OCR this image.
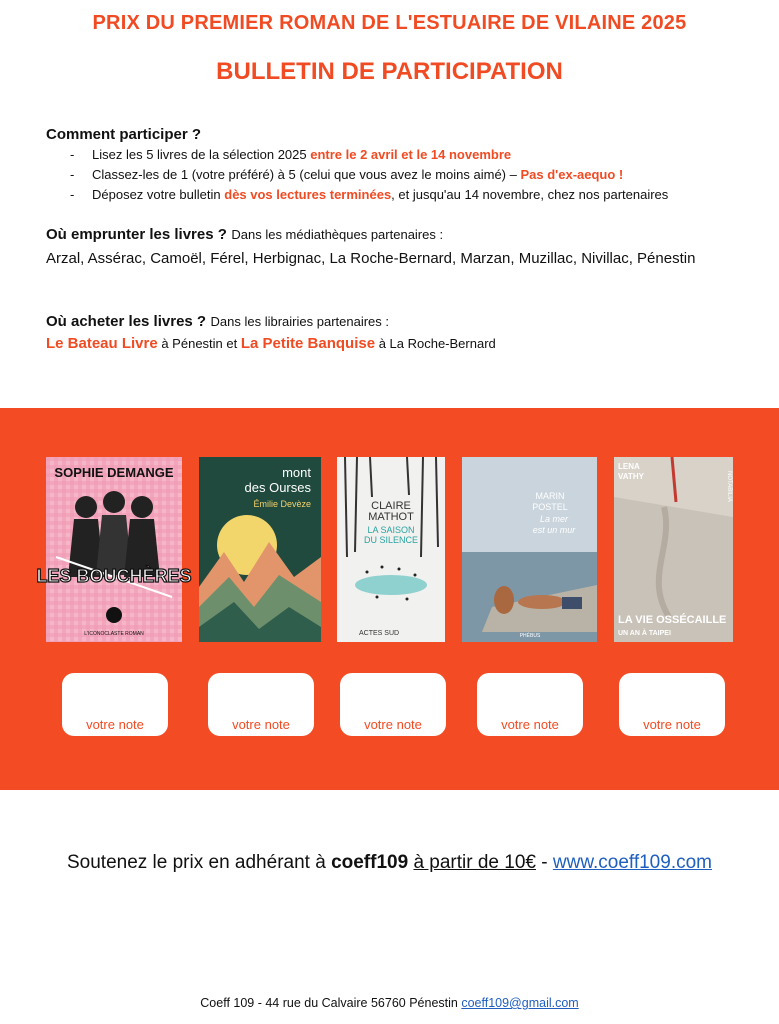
PRIX DU PREMIER ROMAN DE L'ESTUAIRE DE VILAINE 2025
BULLETIN DE PARTICIPATION
Comment participer ?
- Lisez les 5 livres de la sélection 2025 entre le 2 avril et le 14 novembre
- Classez-les de 1 (votre préféré) à 5 (celui que vous avez le moins aimé) – Pas d'ex-aequo !
- Déposez votre bulletin dès vos lectures terminées, et jusqu'au 14 novembre, chez nos partenaires
Où emprunter les livres ? Dans les médiathèques partenaires :
Arzal, Assérac, Camoël, Férel, Herbignac, La Roche-Bernard, Marzan, Muzillac, Nivillac, Pénestin
Où acheter les livres ? Dans les librairies partenaires :
Le Bateau Livre à Pénestin et La Petite Banquise à La Roche-Bernard
SOPHIE DEMANGE
LES BOUCHÈRES
L'ICONOCLASTE ROMAN
mont
des Ourses
Émilie Devèze	CLAIRE
MATHOT
LA SAISON
DU SILENCE
ACTES SUD
MARIN
POSTEL
La mer
est un mur
PHÉBUS
LENA
VATHY	NOTABILIA
LA VIE OSSÉCAILLE
UN AN À TAIPEI
votre note	votre note	votre note	votre note	votre note
Soutenez le prix en adhérant à coeff109 à partir de 10€ - www.coeff109.com
Coeff 109 - 44 rue du Calvaire 56760 Pénestin coeff109@gmail.com
